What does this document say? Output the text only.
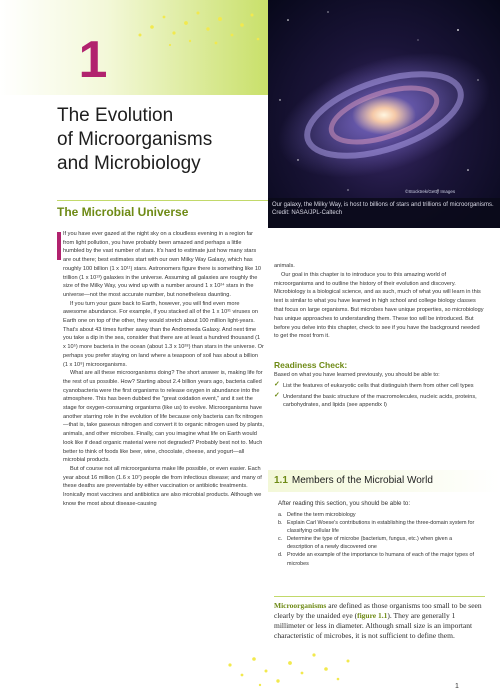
1
The Evolution
of Microorganisms
and Microbiology
©Stocktrek/Getty Images
Our galaxy, the Milky Way, is host to billions of stars and trillions of microorganisms. Credit: NASA/JPL-Caltech
The Microbial Universe

If you have ever gazed at the night sky on a cloudless evening in a region far from light pollution, you have probably been amazed and perhaps a little humbled by the vast number of stars. It's hard to estimate just how many stars are out there; best estimates start with our own Milky Way Galaxy, which has roughly 100 billion (1 x 10¹¹) stars. Astronomers figure there is something like 10 trillion (1 x 10¹³) galaxies in the universe. Assuming all galaxies are roughly the size of the Milky Way, you wind up with a number around 1 x 10²⁴ stars in the universe—not the most accurate number, but nonetheless daunting.

If you turn your gaze back to Earth, however, you will find even more awesome abundance. For example, if you stacked all of the 1 x 10³¹ viruses on Earth one on top of the other, they would stretch about 100 million light-years. That's about 43 times further away than the Andromeda Galaxy. And next time you take a dip in the sea, consider that there are at least a hundred thousand (1 x 10⁵) more bacteria in the ocean (about 1.3 x 10²⁸) than stars in the universe. Or perhaps you prefer staying on land where a teaspoon of soil has about a billion (1 x 10⁹) microorganisms.

What are all these microorganisms doing? The short answer is, making life for the rest of us possible. How? Starting about 2.4 billion years ago, bacteria called cyanobacteria were the first organisms to release oxygen in abundance into the atmosphere. This has been dubbed the "great oxidation event," and it set the stage for oxygen-consuming organisms (like us) to evolve. Microorganisms have another starring role in the evolution of life because only bacteria can fix nitrogen—that is, take gaseous nitrogen and convert it to organic nitrogen used by plants, animals, and other microbes. Finally, can you imagine what life on Earth would look like if dead organic material were not degraded? Probably best not to. Much better to think of foods like beer, wine, chocolate, cheese, and yogurt—all microbial products.

But of course not all microorganisms make life possible, or even easier. Each year about 16 million (1.6 x 10⁷) people die from infectious disease; and many of these deaths are preventable by either vaccination or antibiotic treatments. Ironically most vaccines and antibiotics are also microbial products. Although we know the most about disease-causing

animals.

Our goal in this chapter is to introduce you to this amazing world of microorganisms and to outline the history of their evolution and discovery. Microbiology is a biological science, and as such, much of what you will learn in this text is similar to what you have learned in high school and college biology classes that focus on large organisms. But microbes have unique properties, so microbiology has unique approaches to understanding them. These too will be introduced. But before you delve into this chapter, check to see if you have the background needed to get the most from it.

Readiness Check:
Based on what you have learned previously, you should be able to:
✓ List the features of eukaryotic cells that distinguish them from other cell types
✓ Understand the basic structure of the macromolecules, nucleic acids, proteins, carbohydrates, and lipids (see appendix I)
1.1 Members of the Microbial World
After reading this section, you should be able to:
a. Define the term microbiology
b. Explain Carl Woese's contributions in establishing the three-domain system for classifying cellular life
c. Determine the type of microbe (bacterium, fungus, etc.) when given a description of a newly discovered one
d. Provide an example of the importance to humans of each of the major types of microbes
Microorganisms are defined as those organisms too small to be seen clearly by the unaided eye (figure 1.1). They are generally 1 millimeter or less in diameter. Although small size is an important characteristic of microbes, it is not sufficient to define them.
1
